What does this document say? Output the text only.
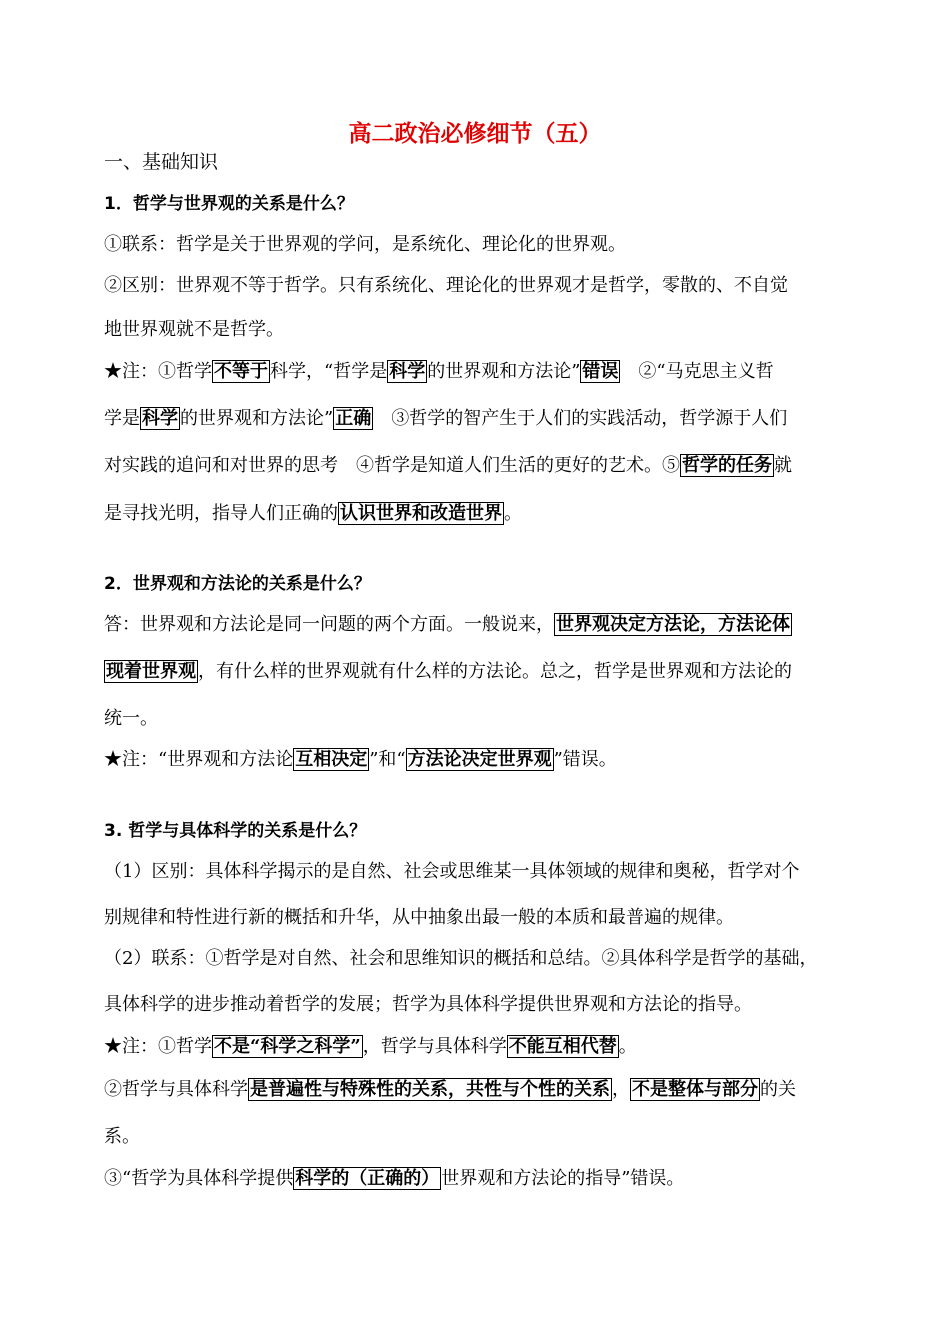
高二政治必修细节（五）

一、基础知识

1．哲学与世界观的关系是什么？

①联系：哲学是关于世界观的学问，是系统化、理论化的世界观。

②区别：世界观不等于哲学。只有系统化、理论化的世界观才是哲学，零散的、不自觉

地世界观就不是哲学。

★注：①哲学 不等于 科学，“哲学是 科学 的世界观和方法论” 错误　②“马克思主义哲

学是 科学 的世界观和方法论” 正确　③哲学的智产生于人们的实践活动，哲学源于人们

对实践的追问和对世界的思考　④哲学是知道人们生活的更好的艺术。⑤ 哲学的任务 就

是寻找光明，指导人们正确的 认识世界和改造世界 。

2．世界观和方法论的关系是什么？

答：世界观和方法论是同一问题的两个方面。一般说来， 世界观决定方法论，方法论体

现着世界观 ，有什么样的世界观就有什么样的方法论。总之，哲学是世界观和方法论的

统一。

★注：“世界观和方法论 互相决定 ”和“ 方法论决定世界观 ”错误。

3. 哲学与具体科学的关系是什么？

（1）区别：具体科学揭示的是自然、社会或思维某一具体领域的规律和奥秘，哲学对个

别规律和特性进行新的概括和升华，从中抽象出最一般的本质和最普遍的规律。

（2）联系：①哲学是对自然、社会和思维知识的概括和总结。②具体科学是哲学的基础，

具体科学的进步推动着哲学的发展；哲学为具体科学提供世界观和方法论的指导。

★注：①哲学 不是“科学之科学” ，哲学与具体科学 不能互相代替 。

②哲学与具体科学 是普遍性与特殊性的关系，共性与个性的关系 ， 不是整体与部分 的关

系。

③“哲学为具体科学提供 科学的（正确的） 世界观和方法论的指导”错误。
